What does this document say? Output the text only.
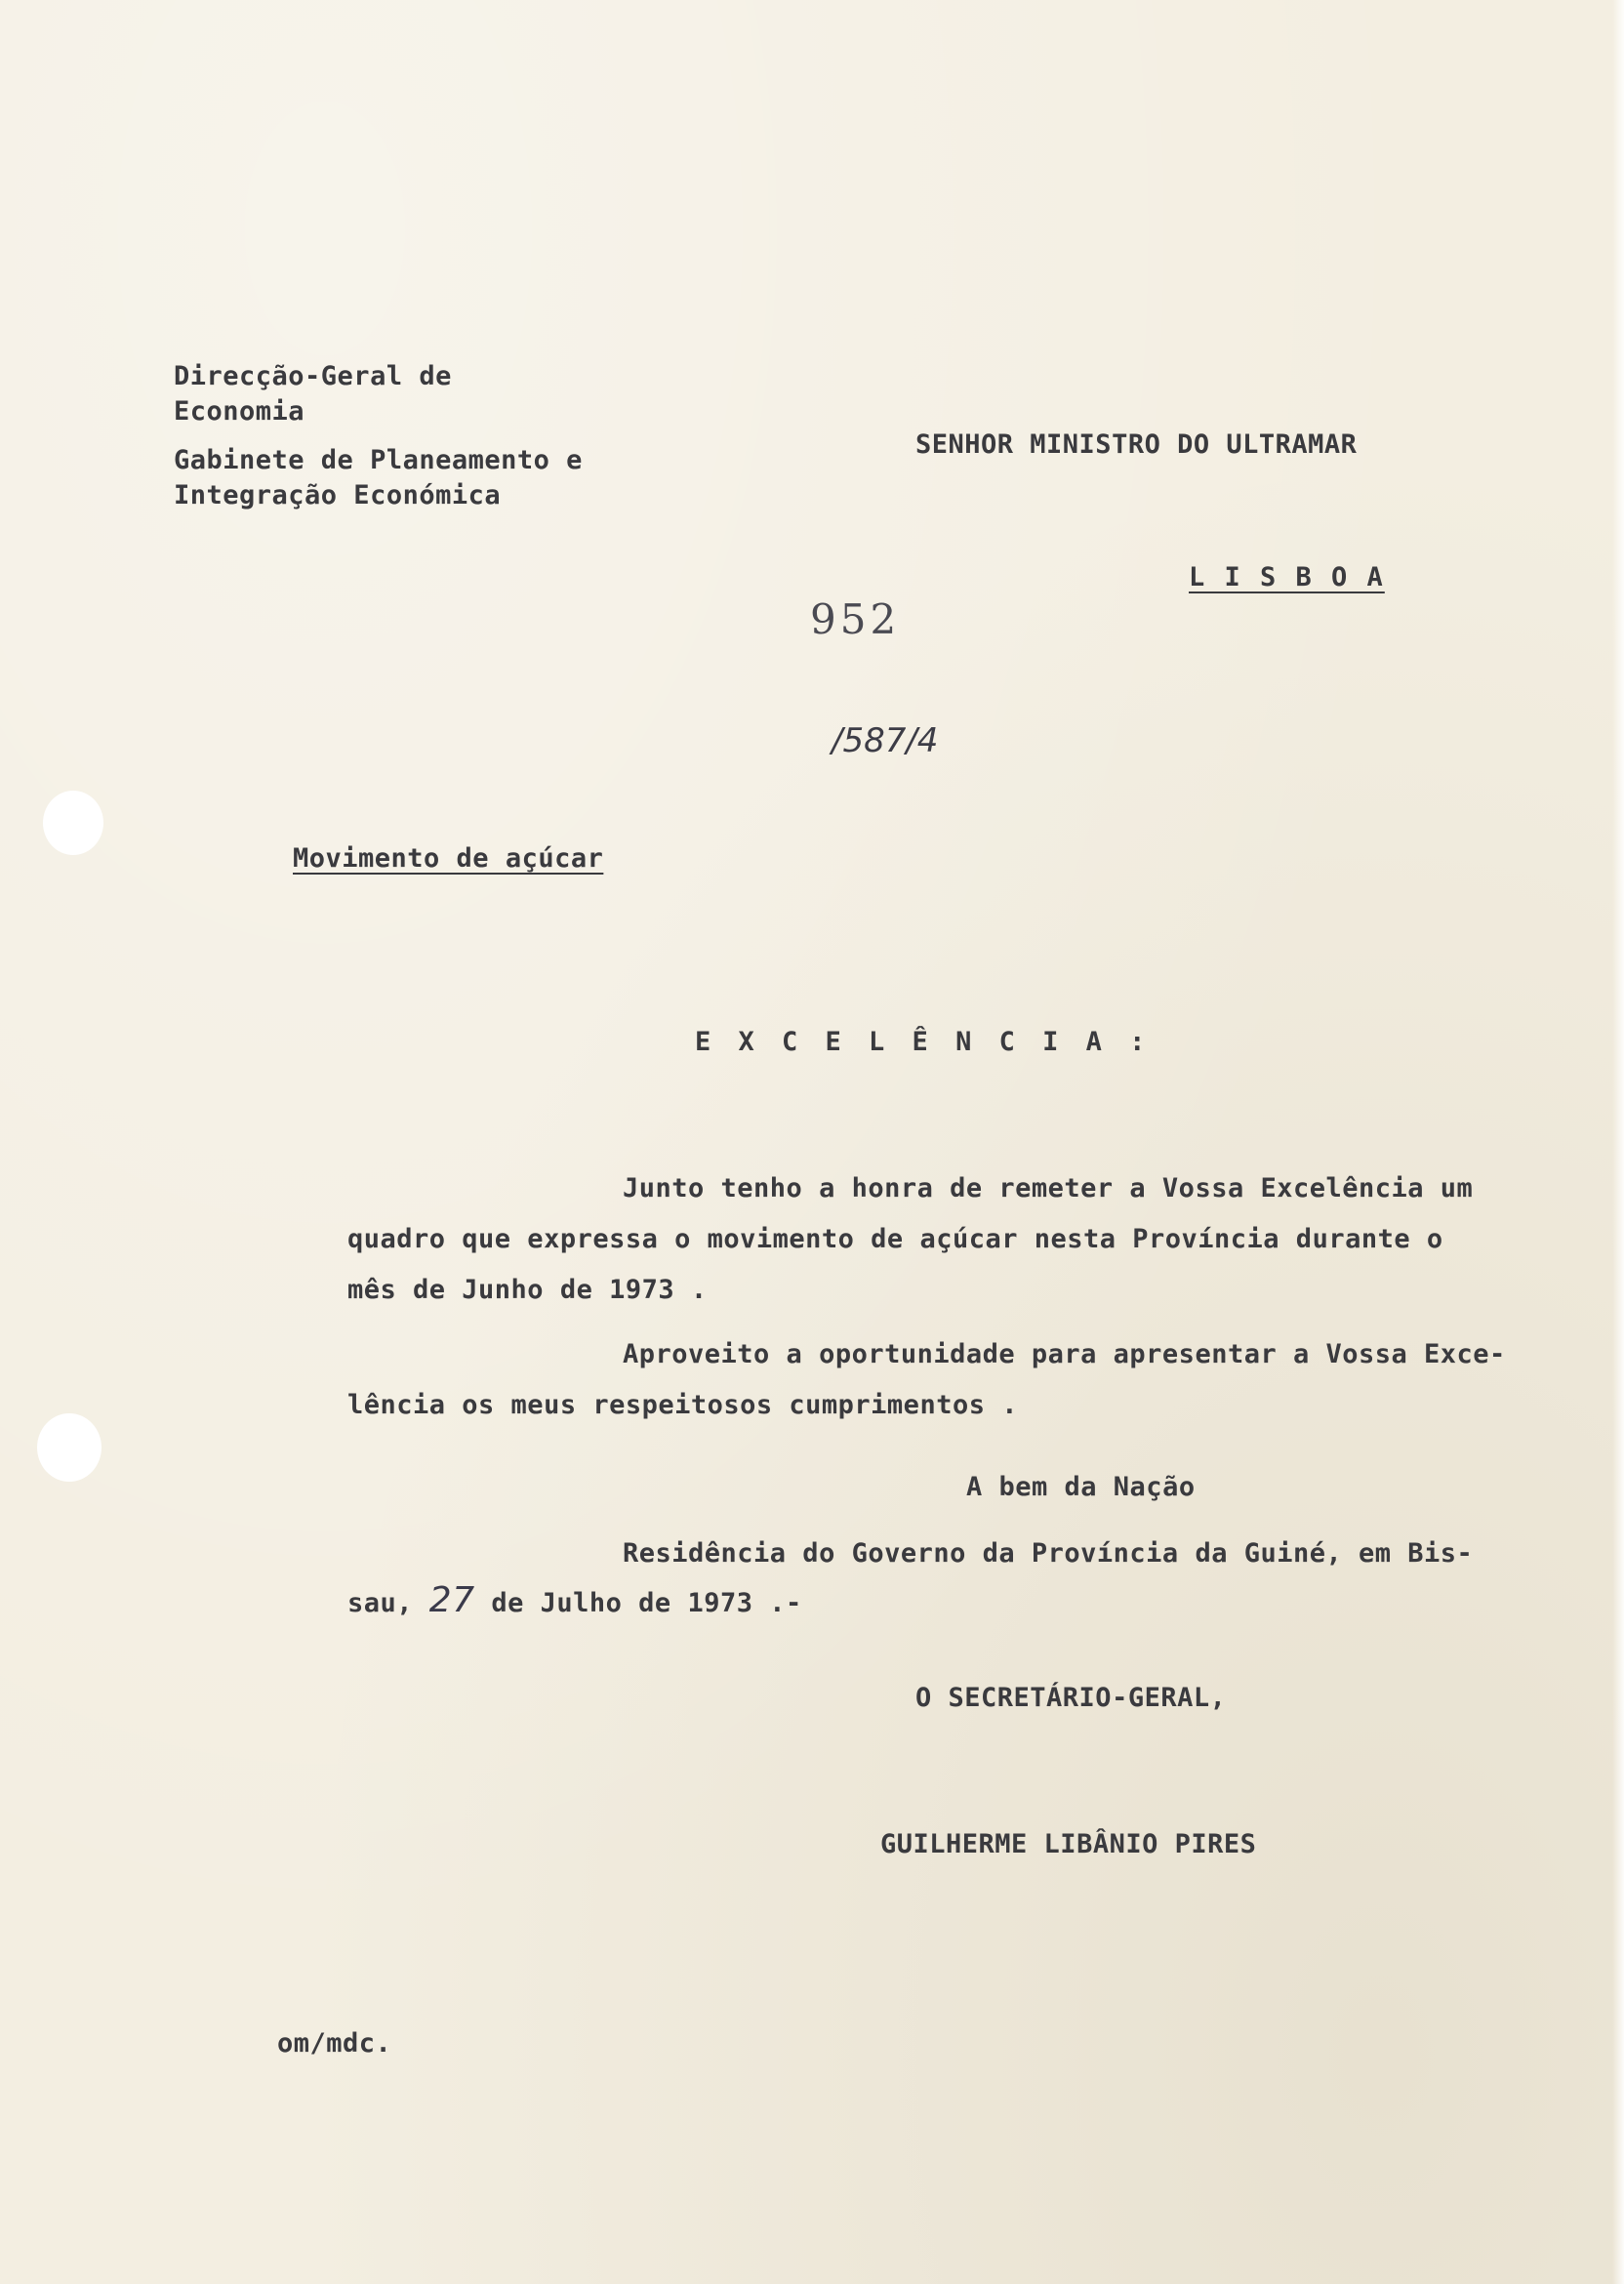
Direcção-Geral de
Economia
Gabinete de Planeamento e
Integração Económica
SENHOR MINISTRO DO ULTRAMAR
L I S B O A
952
/587/4
Movimento de açúcar
E X C E L Ê N C I A :
Junto tenho a honra de remeter a Vossa Excelência um
quadro que expressa o movimento de açúcar nesta Província durante o
mês de Junho de 1973 .
Aproveito a oportunidade para apresentar a Vossa Exce-
lência os meus respeitosos cumprimentos .
A bem da Nação
Residência do Governo da Província da Guiné, em Bis-
sau, 27 de Julho de 1973 .-
O SECRETÁRIO-GERAL,
GUILHERME LIBÂNIO PIRES
om/mdc.
